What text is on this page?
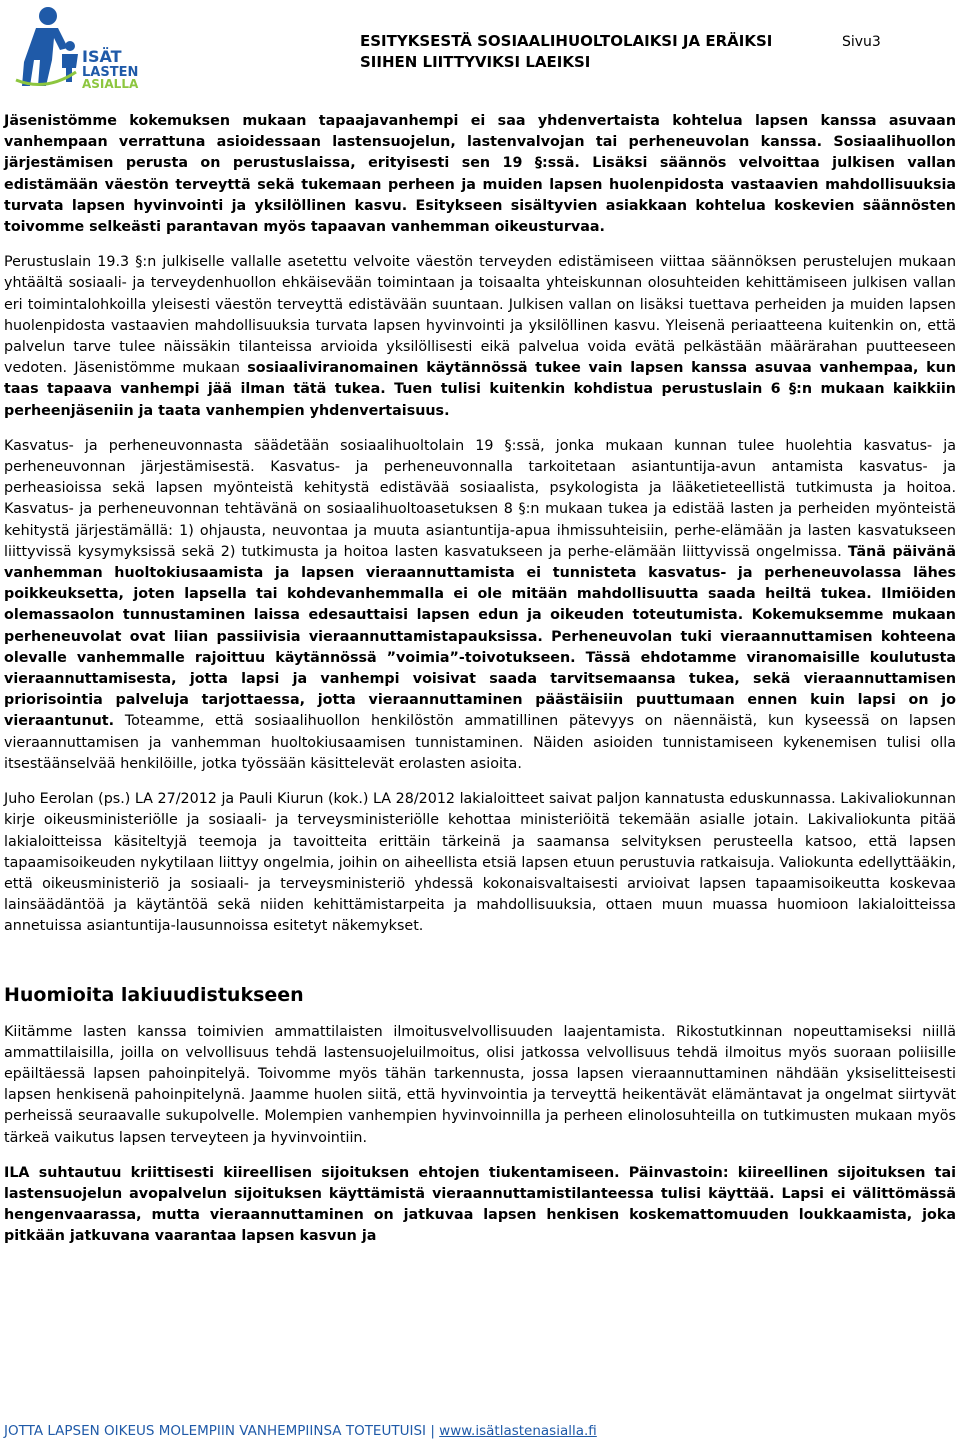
ISÄT
LASTEN
ASIALLA
ESITYKSESTÄ SOSIAALIHUOLTOLAIKSI JA ERÄIKSI SIIHEN LIITTYVIKSI LAEIKSI
Sivu3

Jäsenistömme kokemuksen mukaan tapaajavanhempi ei saa yhdenvertaista kohtelua lapsen kanssa asuvaan vanhempaan verrattuna asioidessaan lastensuojelun, lastenvalvojan tai perheneuvolan kanssa. Sosiaalihuollon järjestämisen perusta on perustuslaissa, erityisesti sen 19 §:ssä. Lisäksi säännös velvoittaa julkisen vallan edistämään väestön terveyttä sekä tukemaan perheen ja muiden lapsen huolenpidosta vastaavien mahdollisuuksia turvata lapsen hyvinvointi ja yksilöllinen kasvu. Esitykseen sisältyvien asiakkaan kohtelua koskevien säännösten toivomme selkeästi parantavan myös tapaavan vanhemman oikeusturvaa.

Perustuslain 19.3 §:n julkiselle vallalle asetettu velvoite väestön terveyden edistämiseen viittaa säännöksen perustelujen mukaan yhtäältä sosiaali- ja terveydenhuollon ehkäisevään toimintaan ja toisaalta yhteiskunnan olosuhteiden kehittämiseen julkisen vallan eri toimintalohkoilla yleisesti väestön terveyttä edistävään suuntaan. Julkisen vallan on lisäksi tuettava perheiden ja muiden lapsen huolenpidosta vastaavien mahdollisuuksia turvata lapsen hyvinvointi ja yksilöllinen kasvu. Yleisenä periaatteena kuitenkin on, että palvelun tarve tulee näissäkin tilanteissa arvioida yksilöllisesti eikä palvelua voida evätä pelkästään määrärahan puutteeseen vedoten. Jäsenistömme mukaan sosiaaliviranomainen käytännössä tukee vain lapsen kanssa asuvaa vanhempaa, kun taas tapaava vanhempi jää ilman tätä tukea. Tuen tulisi kuitenkin kohdistua perustuslain 6 §:n mukaan kaikkiin perheenjäseniin ja taata vanhempien yhdenvertaisuus.

Kasvatus- ja perheneuvonnasta säädetään sosiaalihuoltolain 19 §:ssä, jonka mukaan kunnan tulee huolehtia kasvatus- ja perheneuvonnan järjestämisestä. Kasvatus- ja perheneuvonnalla tarkoitetaan asiantuntija-avun antamista kasvatus- ja perheasioissa sekä lapsen myönteistä kehitystä edistävää sosiaalista, psykologista ja lääketieteellistä tutkimusta ja hoitoa. Kasvatus- ja perheneuvonnan tehtävänä on sosiaalihuoltoasetuksen 8 §:n mukaan tukea ja edistää lasten ja perheiden myönteistä kehitystä järjestämällä: 1) ohjausta, neuvontaa ja muuta asiantuntija-apua ihmissuhteisiin, perhe-elämään ja lasten kasvatukseen liittyvissä kysymyksissä sekä 2) tutkimusta ja hoitoa lasten kasvatukseen ja perhe-elämään liittyvissä ongelmissa. Tänä päivänä vanhemman huoltokiusaamista ja lapsen vieraannuttamista ei tunnisteta kasvatus- ja perheneuvolassa lähes poikkeuksetta, joten lapsella tai kohdevanhemmalla ei ole mitään mahdollisuutta saada heiltä tukea. Ilmiöiden olemassaolon tunnustaminen laissa edesauttaisi lapsen edun ja oikeuden toteutumista. Kokemuksemme mukaan perheneuvolat ovat liian passiivisia vieraannuttamistapauksissa. Perheneuvolan tuki vieraannuttamisen kohteena olevalle vanhemmalle rajoittuu käytännössä ”voimia”-toivotukseen. Tässä ehdotamme viranomaisille koulutusta vieraannuttamisesta, jotta lapsi ja vanhempi voisivat saada tarvitsemaansa tukea, sekä vieraannuttamisen priorisointia palveluja tarjottaessa, jotta vieraannuttaminen päästäisiin puuttumaan ennen kuin lapsi on jo vieraantunut. Toteamme, että sosiaalihuollon henkilöstön ammatillinen pätevyys on näennäistä, kun kyseessä on lapsen vieraannuttamisen ja vanhemman huoltokiusaamisen tunnistaminen. Näiden asioiden tunnistamiseen kykenemisen tulisi olla itsestäänselvää henkilöille, jotka työssään käsittelevät erolasten asioita.

Juho Eerolan (ps.) LA 27/2012 ja Pauli Kiurun (kok.) LA 28/2012 lakialoitteet saivat paljon kannatusta eduskunnassa. Lakivaliokunnan kirje oikeusministeriölle ja sosiaali- ja terveysministeriölle kehottaa ministeriöitä tekemään asialle jotain. Lakivaliokunta pitää lakialoitteissa käsiteltyjä teemoja ja tavoitteita erittäin tärkeinä ja saamansa selvityksen perusteella katsoo, että lapsen tapaamisoikeuden nykytilaan liittyy ongelmia, joihin on aiheellista etsiä lapsen etuun perustuvia ratkaisuja. Valiokunta edellyttääkin, että oikeusministeriö ja sosiaali- ja terveysministeriö yhdessä kokonaisvaltaisesti arvioivat lapsen tapaamisoikeutta koskevaa lainsäädäntöä ja käytäntöä sekä niiden kehittämistarpeita ja mahdollisuuksia, ottaen muun muassa huomioon lakialoitteissa annetuissa asiantuntija-lausunnoissa esitetyt näkemykset.

Huomioita lakiuudistukseen

Kiitämme lasten kanssa toimivien ammattilaisten ilmoitusvelvollisuuden laajentamista. Rikostutkinnan nopeuttamiseksi niillä ammattilaisilla, joilla on velvollisuus tehdä lastensuojeluilmoitus, olisi jatkossa velvollisuus tehdä ilmoitus myös suoraan poliisille epäiltäessä lapsen pahoinpitelyä. Toivomme myös tähän tarkennusta, jossa lapsen vieraannuttaminen nähdään yksiselitteisesti lapsen henkisenä pahoinpitelynä. Jaamme huolen siitä, että hyvinvointia ja terveyttä heikentävät elämäntavat ja ongelmat siirtyvät perheissä seuraavalle sukupolvelle. Molempien vanhempien hyvinvoinnilla ja perheen elinolosuhteilla on tutkimusten mukaan myös tärkeä vaikutus lapsen terveyteen ja hyvinvointiin.

ILA suhtautuu kriittisesti kiireellisen sijoituksen ehtojen tiukentamiseen. Päinvastoin: kiireellinen sijoituksen tai lastensuojelun avopalvelun sijoituksen käyttämistä vieraannuttamistilanteessa tulisi käyttää. Lapsi ei välittömässä hengenvaarassa, mutta vieraannuttaminen on jatkuvaa lapsen henkisen koskemattomuuden loukkaamista, joka pitkään jatkuvana vaarantaa lapsen kasvun ja

JOTTA LAPSEN OIKEUS MOLEMPIIN VANHEMPIINSA TOTEUTUISI | www.isätlastenasialla.fi
